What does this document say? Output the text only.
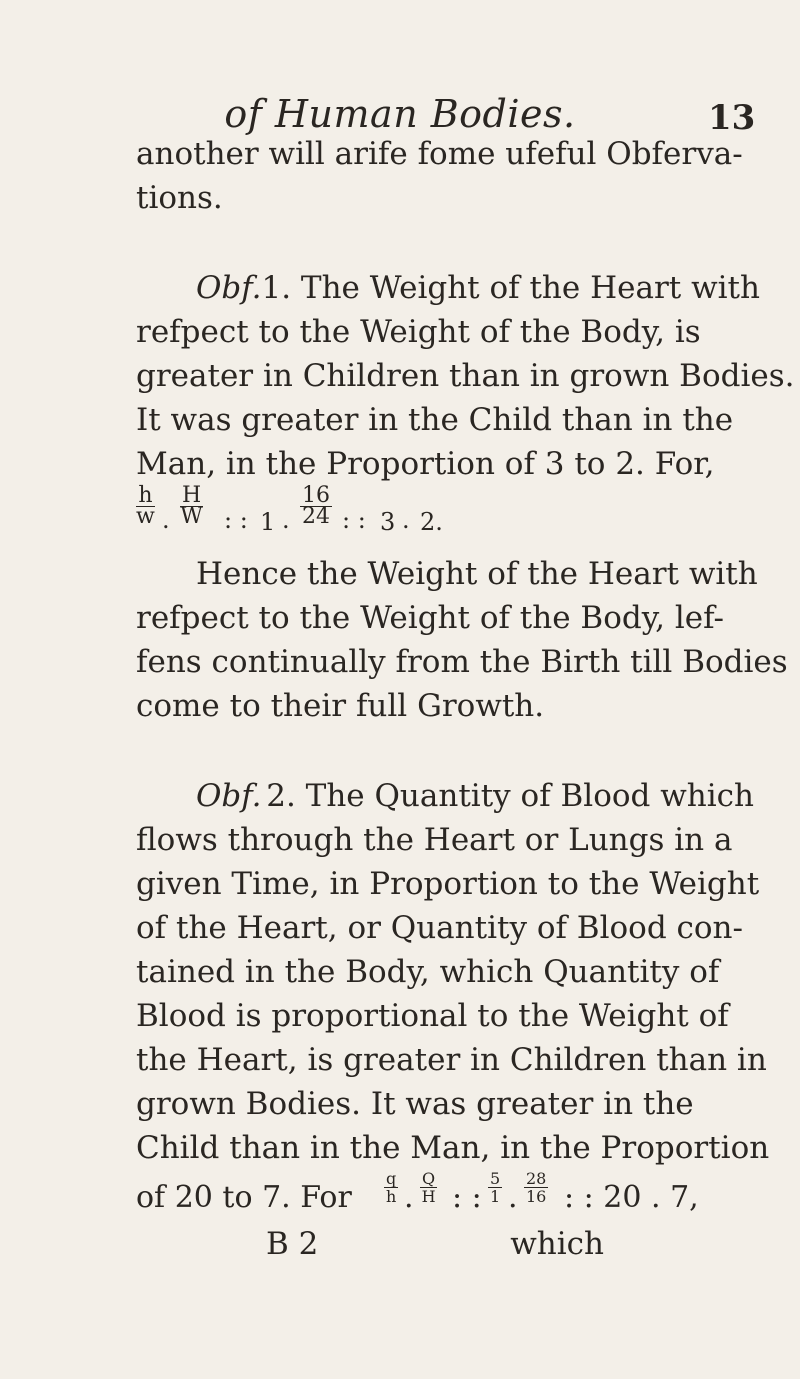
of Human Bodies.	13
another will arife fome ufeful Obferva-
tions.
Obf. 1. The Weight of the Heart with
refpect to the Weight of the Body, is
greater in Children than in grown Bodies.
It was greater in the Child than in the
Man, in the Proportion of 3 to 2. For,
$\frac{h}{w}$ . $\frac{H}{W}$ : : 1 . $\frac{16}{24}$ : : 3 . 2.
Hence the Weight of the Heart with
refpect to the Weight of the Body, lef-
fens continually from the Birth till Bodies
come to their full Growth.
Obf. 2. The Quantity of Blood which
flows through the Heart or Lungs in a
given Time, in Proportion to the Weight
of the Heart, or Quantity of Blood con-
tained in the Body, which Quantity of
Blood is proportional to the Weight of
the Heart, is greater in Children than in
grown Bodies. It was greater in the
Child than in the Man, in the Proportion
of 20 to 7. For $\frac{q}{h}$ . $\frac{Q}{H}$ : : $\frac{5}{1}$ . $\frac{28}{16}$ : : 20 . 7,
B 2	which
